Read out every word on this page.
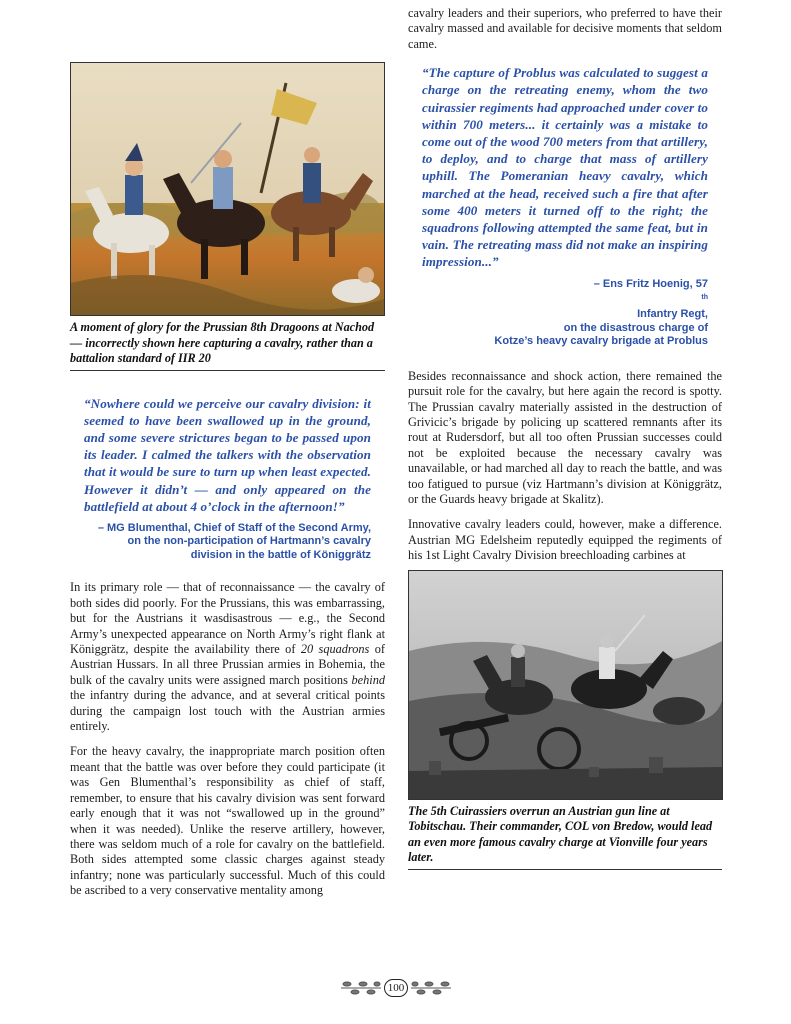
A moment of glory for the Prussian 8th Dragoons at Nachod — incorrectly shown here capturing a cavalry, rather than a battalion standard of IIR 20

“Nowhere could we perceive our cavalry division: it seemed to have been swallowed up in the ground, and some severe strictures began to be passed upon its leader. I calmed the talkers with the observation that it would be sure to turn up when least expected. However it didn’t — and only appeared on the battlefield at about 4 o’clock in the afternoon!”

– MG Blumenthal, Chief of Staff of the Second Army,
on the non-participation of Hartmann’s cavalry
division in the battle of Königgrätz

In its primary role — that of reconnaissance — the cavalry of both sides did poorly. For the Prussians, this was embarrassing, but for the Austrians it wasdisastrous — e.g., the Second Army’s unexpected appearance on North Army’s right flank at Königgrätz, despite the availability there of 20 squadrons of Austrian Hussars. In all three Prussian armies in Bohemia, the bulk of the cavalry units were assigned march positions behind the infantry during the advance, and at several critical points during the campaign lost touch with the Austrian armies entirely.

For the heavy cavalry, the inappropriate march position often meant that the battle was over before they could participate (it was Gen Blumenthal’s responsibility as chief of staff, remember, to ensure that his cavalry division was sent forward early enough that it was not “swallowed up in the ground” when it was needed). Unlike the reserve artillery, however, there was seldom much of a role for cavalry on the battlefield. Both sides attempted some classic charges against steady infantry; none was particularly successful. Much of this could be ascribed to a very conservative mentality among

cavalry leaders and their superiors, who preferred to have their cavalry massed and available for decisive moments that seldom came.

“The capture of Problus was calculated to suggest a charge on the retreating enemy, whom the two cuirassier regiments had approached under cover to within 700 meters... it certainly was a mistake to come out of the wood 700 meters from that artillery, to deploy, and to charge that mass of artillery uphill. The Pomeranian heavy cavalry, which marched at the head, received such a fire that after some 400 meters it turned off to the right; the squadrons following attempted the same feat, but in vain. The retreating mass did not make an inspiring impression...”

– Ens Fritz Hoenig, 57
$^{th}$
Infantry Regt,
on the disastrous charge of
Kotze’s heavy cavalry brigade at Problus

Besides reconnaissance and shock action, there remained the pursuit role for the cavalry, but here again the record is spotty. The Prussian cavalry materially assisted in the destruction of Grivicic’s brigade by policing up scattered remnants after its rout at Rudersdorf, but all too often Prussian successes could not be exploited because the necessary cavalry was unavailable, or had marched all day to reach the battle, and was too fatigued to pursue (viz Hartmann’s division at Königgrätz, or the Guards heavy brigade at Skalitz).

Innovative cavalry leaders could, however, make a difference. Austrian MG Edelsheim reputedly equipped the regiments of his 1st Light Cavalry Division breechloading carbines at

The 5th Cuirassiers overrun an Austrian gun line at Tobitschau. Their commander, COL von Bredow, would lead an even more famous cavalry charge at Vionville four years later.

100
